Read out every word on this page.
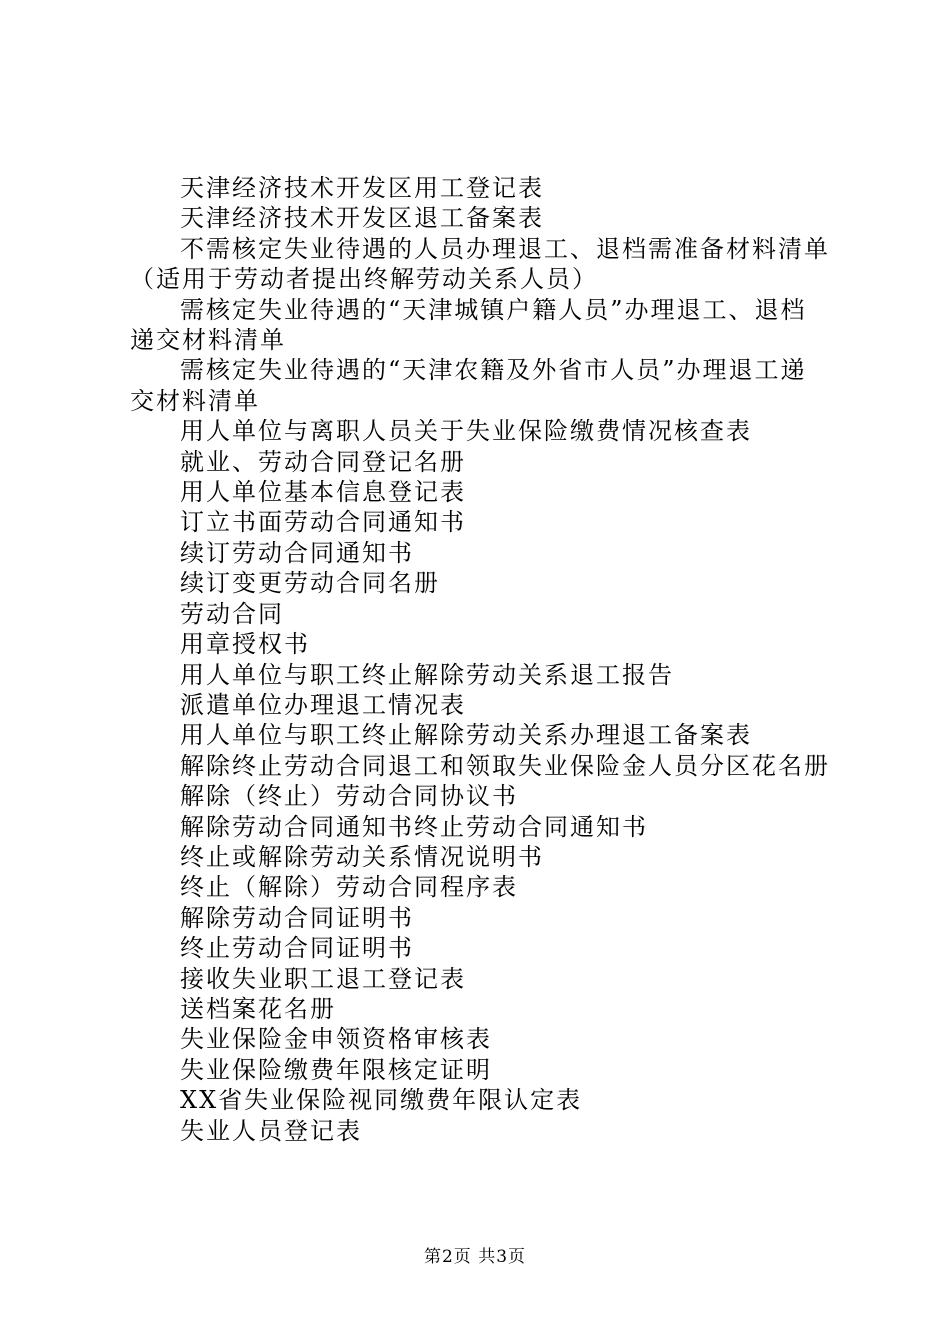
天津经济技术开发区用工登记表

天津经济技术开发区退工备案表

不需核定失业待遇的人员办理退工、退档需准备材料清单（适用于劳动者提出终解劳动关系人员）

需核定失业待遇的“天津城镇户籍人员”办理退工、退档递交材料清单

需核定失业待遇的“天津农籍及外省市人员”办理退工递交材料清单

用人单位与离职人员关于失业保险缴费情况核查表

就业、劳动合同登记名册

用人单位基本信息登记表

订立书面劳动合同通知书

续订劳动合同通知书

续订变更劳动合同名册

劳动合同

用章授权书

用人单位与职工终止解除劳动关系退工报告

派遣单位办理退工情况表

用人单位与职工终止解除劳动关系办理退工备案表

解除终止劳动合同退工和领取失业保险金人员分区花名册

解除（终止）劳动合同协议书

解除劳动合同通知书终止劳动合同通知书

终止或解除劳动关系情况说明书

终止（解除）劳动合同程序表

解除劳动合同证明书

终止劳动合同证明书

接收失业职工退工登记表

送档案花名册

失业保险金申领资格审核表

失业保险缴费年限核定证明

XX省失业保险视同缴费年限认定表

失业人员登记表

第2页 共3页
